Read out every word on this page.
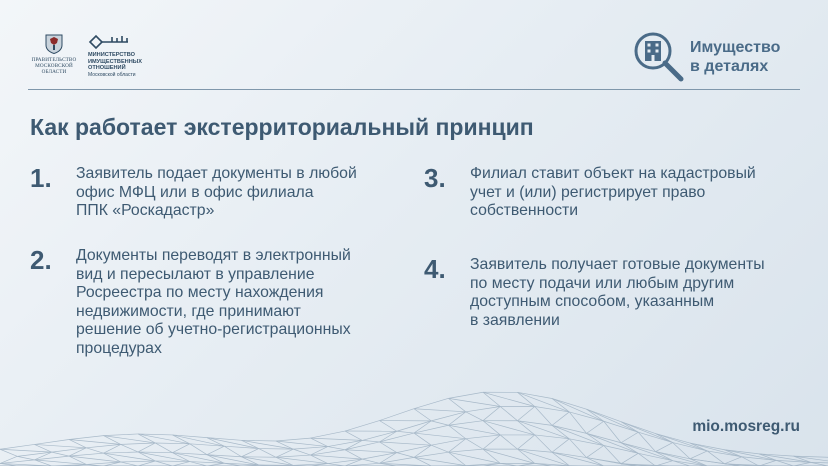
ПРАВИТЕЛЬСТВО
МОСКОВСКОЙ
ОБЛАСТИ
МИНИСТЕРСТВО
ИМУЩЕСТВЕННЫХ
ОТНОШЕНИЙ
Московской области
Имущество
в деталях
Как работает экстерриториальный принцип
1. Заявитель подает документы в любой
офис МФЦ или в офис филиала
ППК «Роскадастр»
2. Документы переводят в электронный
вид и пересылают в управление
Росреестра по месту нахождения
недвижимости, где принимают
решение об учетно-регистрационных
процедурах
3. Филиал ставит объект на кадастровый
учет и (или) регистрирует право
собственности
4. Заявитель получает готовые документы
по месту подачи или любым другим
доступным способом, указанным
в заявлении
mio.mosreg.ru
